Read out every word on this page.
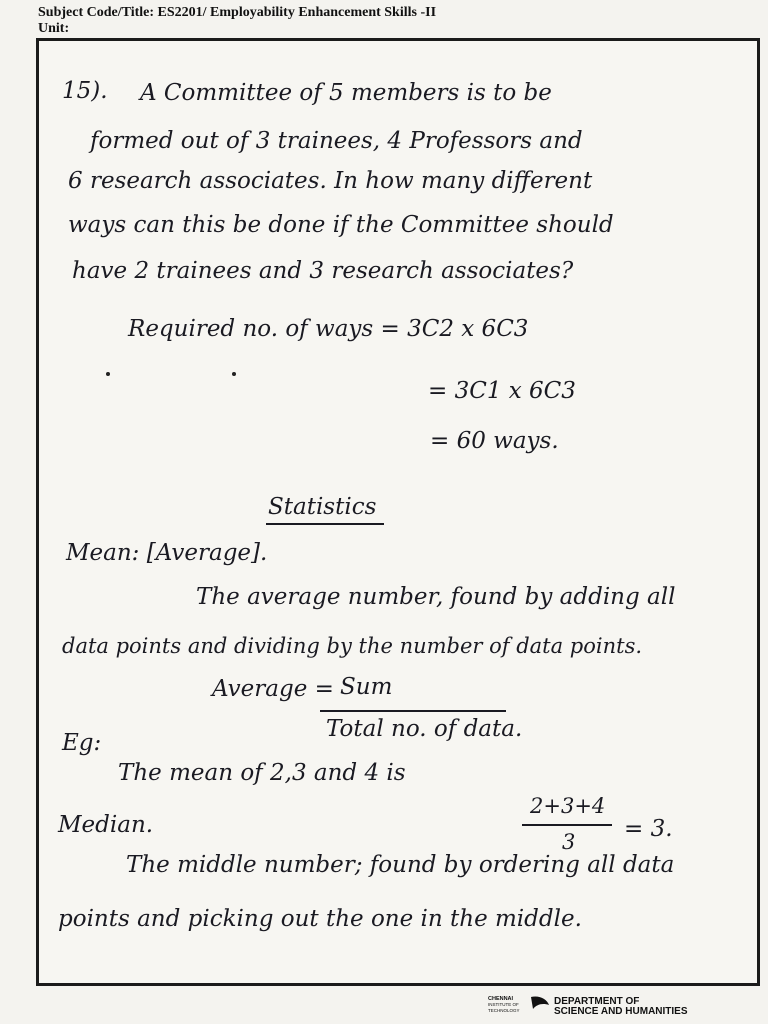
Subject Code/Title: ES2201/ Employability Enhancement Skills -II
Unit:
15). A Committee of 5 members is to be
formed out of 3 trainees, 4 Professors and
6 research associates. In how many different
ways can this be done if the Committee should
have 2 trainees and 3 research associates?
Required no. of ways = 3C2 x 6C3
= 3C1 x 6C3
= 60 ways.
Statistics
Mean: [Average].
The average number, found by adding all
data points and dividing by the number of data points.
Average = Sum
Total no. of data.
Eg:
The mean of 2,3 and 4 is
2+3+4
3 = 3.
Median.
The middle number; found by ordering all data
points and picking out the one in the middle.
CHENNAI
INSTITUTE OF
TECHNOLOGY
DEPARTMENT OF
SCIENCE AND HUMANITIES
